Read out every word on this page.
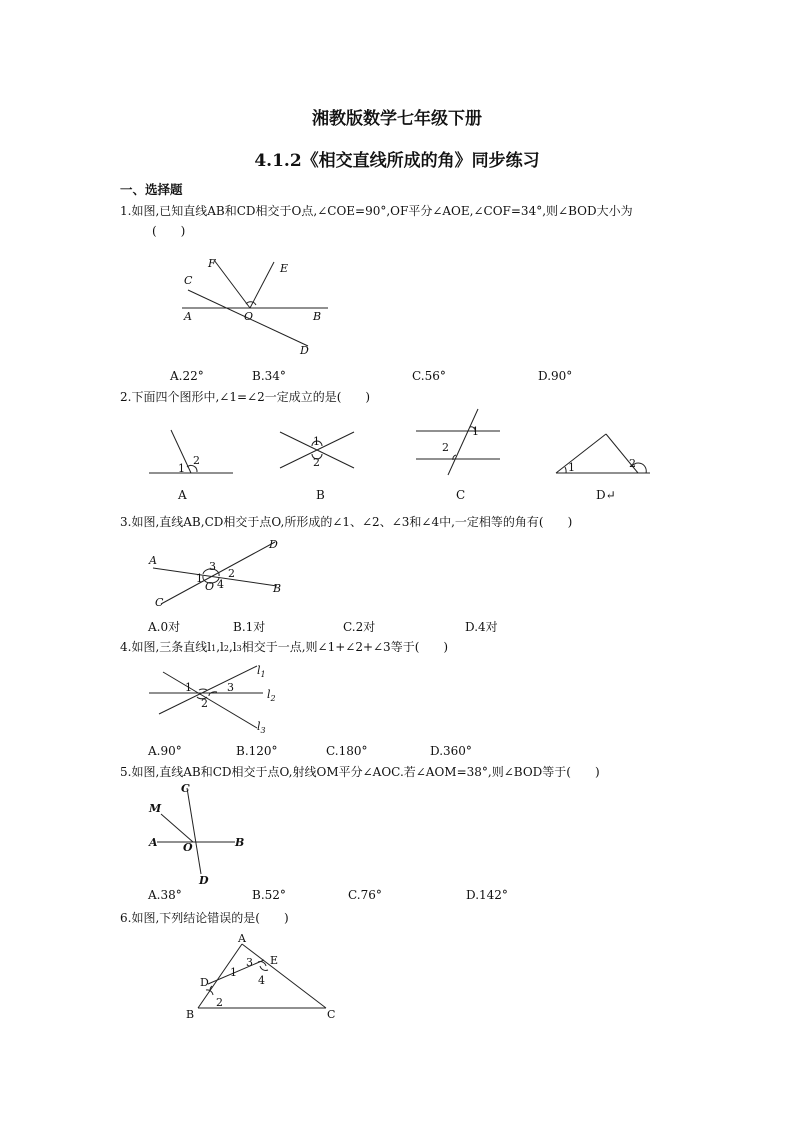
湘教版数学七年级下册
4.1.2《相交直线所成的角》同步练习
一、选择题
1.如图,已知直线AB和CD相交于O点,∠COE=90°,OF平分∠AOE,∠COF=34°,则∠BOD大小为
(　　)
C
F	E
A	O	B
D
A.22°	B.34°	C.56°	D.90°
2.下面四个图形中,∠1=∠2一定成立的是(　　)
1
2
A
1
2
B
1
2
C
1	2
D↵
3.如图,直线AB,CD相交于点O,所形成的∠1、∠2、∠3和∠4中,一定相等的角有(　　)
A
B
C
D
O
1 2
3
4
A.0对	B.1对	C.2对	D.4对
4.如图,三条直线l1,l2,l3相交于一点,则∠1+∠2+∠3等于(　　)
$l_1$
$l_2$
$l_3$
1
2
3
A.90°	B.120°	C.180°	D.360°
5.如图,直线AB和CD相交于点O,射线OM平分∠AOC.若∠AOM=38°,则∠BOD等于(　　)
C
M
A O	B
D
A.38°	B.52°	C.76°	D.142°
6.如图,下列结论错误的是(　　)
A
B	C
D
E
1
2
3
4
